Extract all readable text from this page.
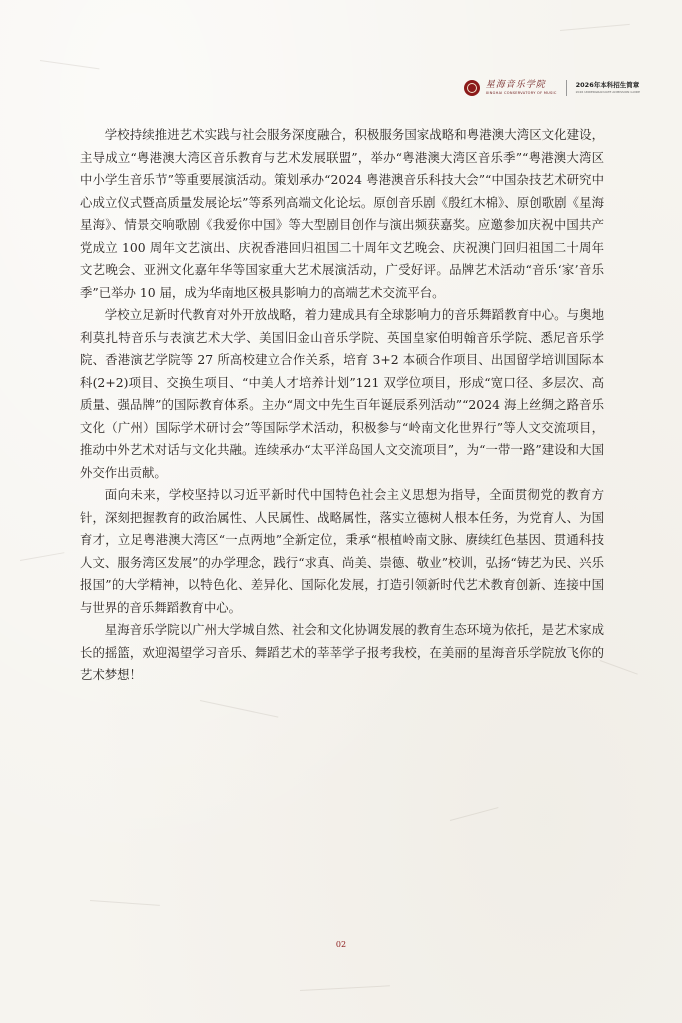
星海音乐学院
XINGHAI CONSERVATORY OF MUSIC
2026年本科招生简章
2026 UNDERGRADUATE ADMISSION GUIDE

学校持续推进艺术实践与社会服务深度融合，积极服务国家战略和粤港澳大湾区文化建设，主导成立“粤港澳大湾区音乐教育与艺术发展联盟”，举办“粤港澳大湾区音乐季”“粤港澳大湾区中小学生音乐节”等重要展演活动。策划承办“2024 粤港澳音乐科技大会”“中国杂技艺术研究中心成立仪式暨高质量发展论坛”等系列高端文化论坛。原创音乐剧《殷红木棉》、原创歌剧《星海星海》、情景交响歌剧《我爱你中国》等大型剧目创作与演出频获嘉奖。应邀参加庆祝中国共产党成立 100 周年文艺演出、庆祝香港回归祖国二十周年文艺晚会、庆祝澳门回归祖国二十周年文艺晚会、亚洲文化嘉年华等国家重大艺术展演活动，广受好评。品牌艺术活动“音乐‘家’音乐季”已举办 10 届，成为华南地区极具影响力的高端艺术交流平台。

学校立足新时代教育对外开放战略，着力建成具有全球影响力的音乐舞蹈教育中心。与奥地利莫扎特音乐与表演艺术大学、美国旧金山音乐学院、英国皇家伯明翰音乐学院、悉尼音乐学院、香港演艺学院等 27 所高校建立合作关系，培育 3+2 本硕合作项目、出国留学培训国际本科(2+2)项目、交换生项目、“中美人才培养计划”121 双学位项目，形成“宽口径、多层次、高质量、强品牌”的国际教育体系。主办“周文中先生百年诞辰系列活动”“2024 海上丝绸之路音乐文化（广州）国际学术研讨会”等国际学术活动，积极参与“岭南文化世界行”等人文交流项目，推动中外艺术对话与文化共融。连续承办“太平洋岛国人文交流项目”，为“一带一路”建设和大国外交作出贡献。

面向未来，学校坚持以习近平新时代中国特色社会主义思想为指导，全面贯彻党的教育方针，深刻把握教育的政治属性、人民属性、战略属性，落实立德树人根本任务，为党育人、为国育才，立足粤港澳大湾区“一点两地”全新定位，秉承“根植岭南文脉、赓续红色基因、贯通科技人文、服务湾区发展”的办学理念，践行“求真、尚美、崇德、敬业”校训，弘扬“铸艺为民、兴乐报国”的大学精神，以特色化、差异化、国际化发展，打造引领新时代艺术教育创新、连接中国与世界的音乐舞蹈教育中心。

星海音乐学院以广州大学城自然、社会和文化协调发展的教育生态环境为依托，是艺术家成长的摇篮，欢迎渴望学习音乐、舞蹈艺术的莘莘学子报考我校，在美丽的星海音乐学院放飞你的艺术梦想！

02
